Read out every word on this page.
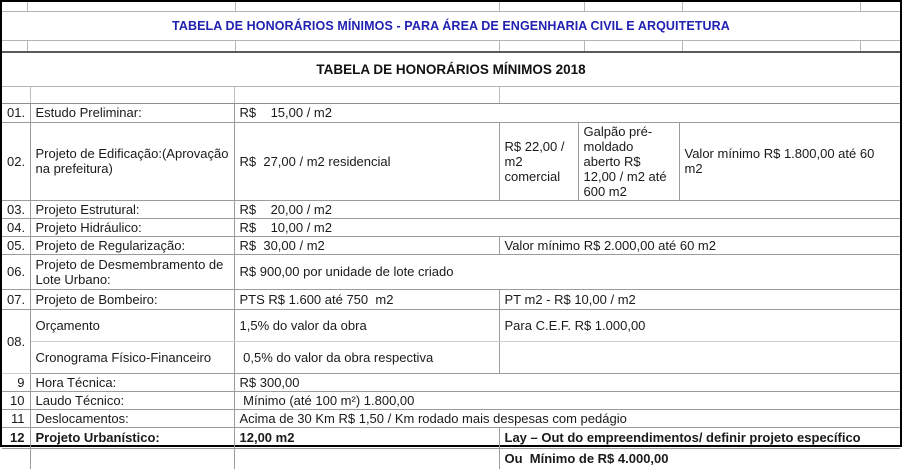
TABELA DE HONORÁRIOS MÍNIMOS - PARA ÁREA DE ENGENHARIA CIVIL E ARQUITETURA
TABELA DE HONORÁRIOS MÍNIMOS 2018
01.	Estudo Preliminar:	R$    15,00 / m2			
02.	Projeto de Edificação:(Aprovação na prefeitura)	R$  27,00 / m2 residencial	R$ 22,00 / m2 comercial	Galpão pré-moldado aberto R$ 12,00 / m2 até 600 m2	Valor mínimo R$ 1.800,00 até 60 m2
03.	Projeto Estrutural:	R$    20,00 / m2			
04.	Projeto Hidráulico:	R$    10,00 / m2			
05.	Projeto de Regularização:	R$  30,00 / m2	Valor mínimo R$ 2.000,00 até 60 m2		
06.	Projeto de Desmembramento de Lote Urbano:	R$ 900,00 por unidade de lote criado			
07.	Projeto de Bombeiro:	PTS R$ 1.600 até 750  m2	PT m2 - R$ 10,00 / m2		
08.	Orçamento	1,5% do valor da obra	Para C.E.F. R$ 1.000,00		
	Cronograma Físico-Financeiro	0,5% do valor da obra respectiva			
9	Hora Técnica:	R$ 300,00			
10	Laudo Técnico:	Mínimo (até 100 m²) 1.800,00			
11	Deslocamentos:	Acima de 30 Km R$ 1,50 / Km rodado mais despesas com pedágio			
12	Projeto Urbanístico:	12,00 m2	Lay – Out do empreendimentos/ definir projeto específico		
			Ou  Mínimo de R$ 4.000,00		
